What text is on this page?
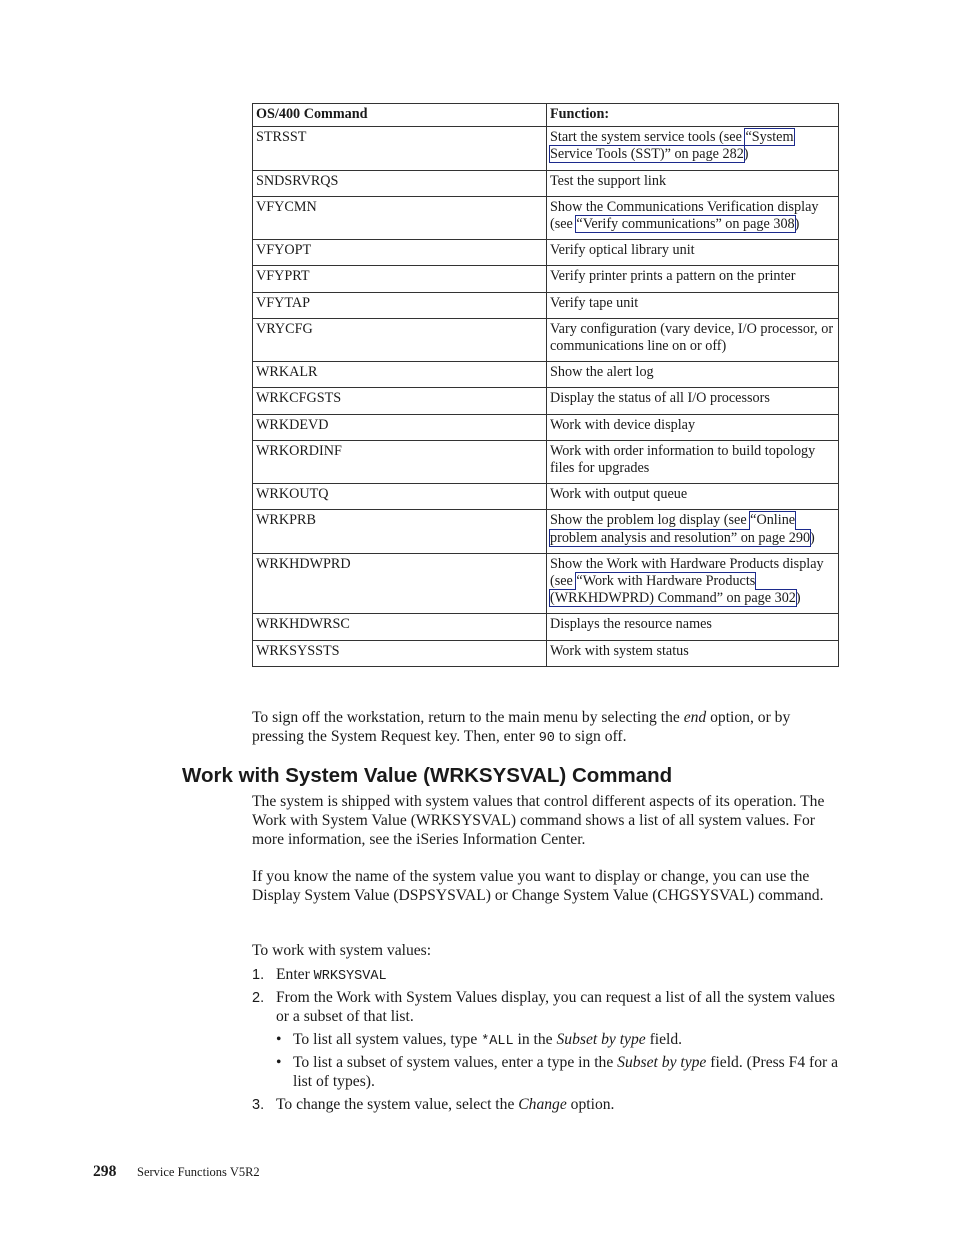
OS/400 Command	Function:
STRSST	Start the system service tools (see “System Service Tools (SST)” on page 282)
SNDSRVRQS	Test the support link
VFYCMN	Show the Communications Verification display (see “Verify communications” on page 308)
VFYOPT	Verify optical library unit
VFYPRT	Verify printer prints a pattern on the printer
VFYTAP	Verify tape unit
VRYCFG	Vary configuration (vary device, I/O processor, or communications line on or off)
WRKALR	Show the alert log
WRKCFGSTS	Display the status of all I/O processors
WRKDEVD	Work with device display
WRKORDINF	Work with order information to build topology files for upgrades
WRKOUTQ	Work with output queue
WRKPRB	Show the problem log display (see “Online problem analysis and resolution” on page 290)
WRKHDWPRD	Show the Work with Hardware Products display (see “Work with Hardware Products (WRKHDWPRD) Command” on page 302)
WRKHDWRSC	Displays the resource names
WRKSYSSTS	Work with system status
To sign off the workstation, return to the main menu by selecting the end option, or by pressing the System Request key. Then, enter 90 to sign off.
Work with System Value (WRKSYSVAL) Command
The system is shipped with system values that control different aspects of its operation. The Work with System Value (WRKSYSVAL) command shows a list of all system values. For more information, see the iSeries Information Center.
If you know the name of the system value you want to display or change, you can use the Display System Value (DSPSYSVAL) or Change System Value (CHGSYSVAL) command.
To work with system values:
1. Enter WRKSYSVAL
2. From the Work with System Values display, you can request a list of all the system values or a subset of that list.
• To list all system values, type *ALL in the Subset by type field.
• To list a subset of system values, enter a type in the Subset by type field. (Press F4 for a list of types).
3. To change the system value, select the Change option.
298 Service Functions V5R2
